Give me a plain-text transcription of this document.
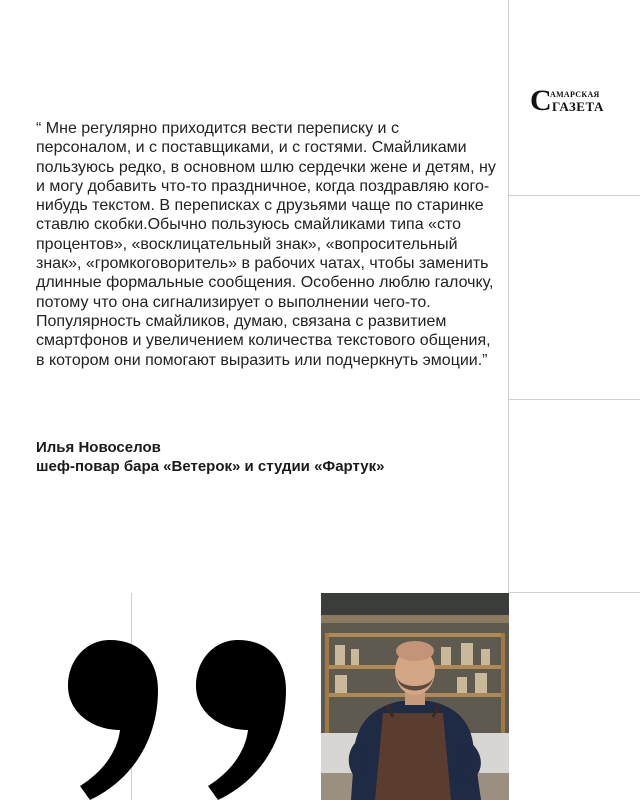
С
АМАРСКАЯ
ГАЗЕТА

“ Мне регулярно приходится вести переписку и с персоналом, и с поставщиками, и с гостями. Смайликами пользуюсь редко, в основном шлю сердечки жене и детям, ну и могу добавить что-то праздничное, когда поздравляю кого-нибудь текстом. В переписках с друзьями чаще по старинке ставлю скобки.Обычно пользуюсь смайликами типа «сто процентов», «восклицательный знак», «вопросительный знак», «громкоговоритель» в рабочих чатах, чтобы заменить длинные формальные сообщения. Особенно люблю галочку, потому что она сигнализирует о выполнении чего-то. Популярность смайликов, думаю, связана с развитием смартфонов и увеличением количества текстового общения, в котором они помогают выразить или подчеркнуть эмоции.”

Илья Новоселов
шеф-повар бара «Ветерок» и студии «Фартук»
